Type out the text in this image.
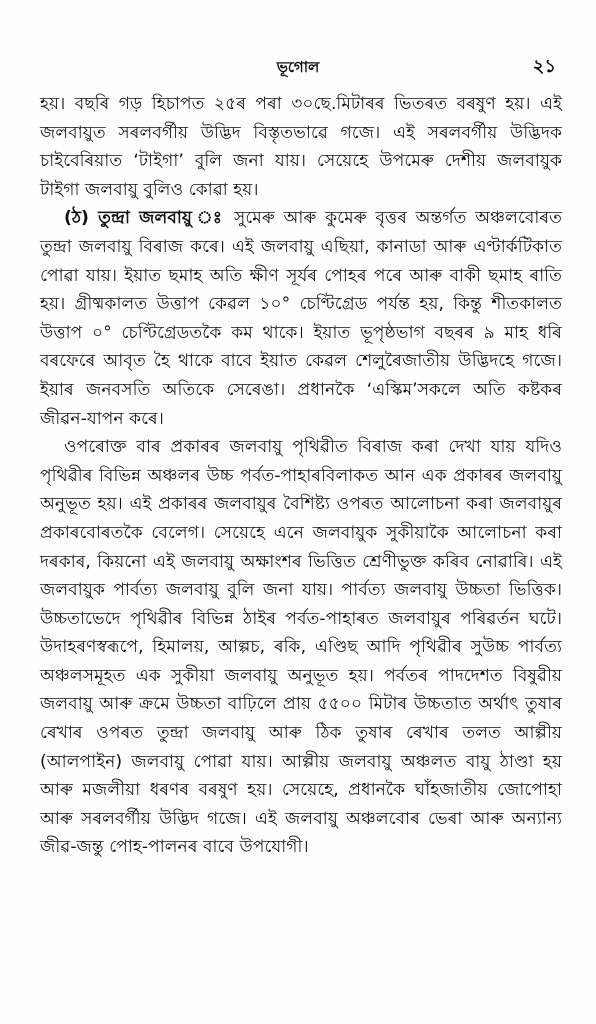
ভূগোল	২১

হয়। বছৰি গড় হিচাপত ২৫ৰ পৰা ৩০ছে.মিটাৰৰ ভিতৰত বৰষুণ হয়। এই জলবায়ুত সৰলবৰ্গীয় উদ্ভিদ বিস্তৃতভাৱে গজে। এই সৰলবৰ্গীয় উদ্ভিদক চাইবেৰিয়াত ‘টাইগা’ বুলি জনা যায়। সেয়েহে উপমেৰু দেশীয় জলবায়ুক টাইগা জলবায়ু বুলিও কোৱা হয়।

(ঠ) তুন্দ্ৰা জলবায়ু ঃ সুমেৰু আৰু কুমেৰু বৃত্তৰ অন্তৰ্গত অঞ্চলবোৰত তুন্দ্ৰা জলবায়ু বিৰাজ কৰে। এই জলবায়ু এছিয়া, কানাডা আৰু এণ্টাৰ্কটিকাত পোৱা যায়। ইয়াত ছমাহ অতি ক্ষীণ সূৰ্যৰ পোহৰ পৰে আৰু বাকী ছমাহ ৰাতি হয়। গ্ৰীষ্মকালত উত্তাপ কেৱল ১০° চেণ্টিগ্ৰেড পৰ্যন্ত হয়, কিন্তু শীতকালত উত্তাপ ০° চেণ্টিগ্ৰেডতকৈ কম থাকে। ইয়াত ভূপৃষ্ঠভাগ বছৰৰ ৯ মাহ ধৰি বৰফেৰে আবৃত হৈ থাকে বাবে ইয়াত কেৱল শেলুৰৈজাতীয় উদ্ভিদহে গজে। ইয়াৰ জনবসতি অতিকে সেৰেঙা। প্ৰধানকৈ ‘এস্কিম’সকলে অতি কষ্টকৰ জীৱন-যাপন কৰে।

ওপৰোক্ত বাৰ প্ৰকাৰৰ জলবায়ু পৃথিৱীত বিৰাজ কৰা দেখা যায় যদিও পৃথিৱীৰ বিভিন্ন অঞ্চলৰ উচ্চ পৰ্বত-পাহাৰবিলাকত আন এক প্ৰকাৰৰ জলবায়ু অনুভূত হয়। এই প্ৰকাৰৰ জলবায়ুৰ বৈশিষ্ট্য ওপৰত আলোচনা কৰা জলবায়ুৰ প্ৰকাৰবোৰতকৈ বেলেগ। সেয়েহে এনে জলবায়ুক সুকীয়াকৈ আলোচনা কৰা দৰকাৰ, কিয়নো এই জলবায়ু অক্ষাংশৰ ভিত্তিত শ্ৰেণীভুক্ত কৰিব নোৱাৰি। এই জলবায়ুক পাৰ্বত্য জলবায়ু বুলি জনা যায়। পাৰ্বত্য জলবায়ু উচ্চতা ভিত্তিক। উচ্চতাভেদে পৃথিৱীৰ বিভিন্ন ঠাইৰ পৰ্বত-পাহাৰত জলবায়ুৰ পৰিৱৰ্তন ঘটে। উদাহৰণস্বৰূপে, হিমালয়, আল্পচ, ৰকি, এণ্ডিছ আদি পৃথিৱীৰ সুউচ্চ পাৰ্বত্য অঞ্চলসমূহত এক সুকীয়া জলবায়ু অনুভূত হয়। পৰ্বতৰ পাদদেশত বিষুৱীয় জলবায়ু আৰু ক্ৰমে উচ্চতা বাঢ়িলে প্ৰায় ৫৫০০ মিটাৰ উচ্চতাত অৰ্থাৎ তুষাৰ ৰেখাৰ ওপৰত তুন্দ্ৰা জলবায়ু আৰু ঠিক তুষাৰ ৰেখাৰ তলত আল্পীয় (আলপাইন) জলবায়ু পোৱা যায়। আল্পীয় জলবায়ু অঞ্চলত বায়ু ঠাণ্ডা হয় আৰু মজলীয়া ধৰণৰ বৰষুণ হয়। সেয়েহে, প্ৰধানকৈ ঘাঁহজাতীয় জোপোহা আৰু সৰলবৰ্গীয় উদ্ভিদ গজে। এই জলবায়ু অঞ্চলবোৰ ভেৰা আৰু অন্যান্য জীৱ-জন্তু পোহ-পালনৰ বাবে উপযোগী।
